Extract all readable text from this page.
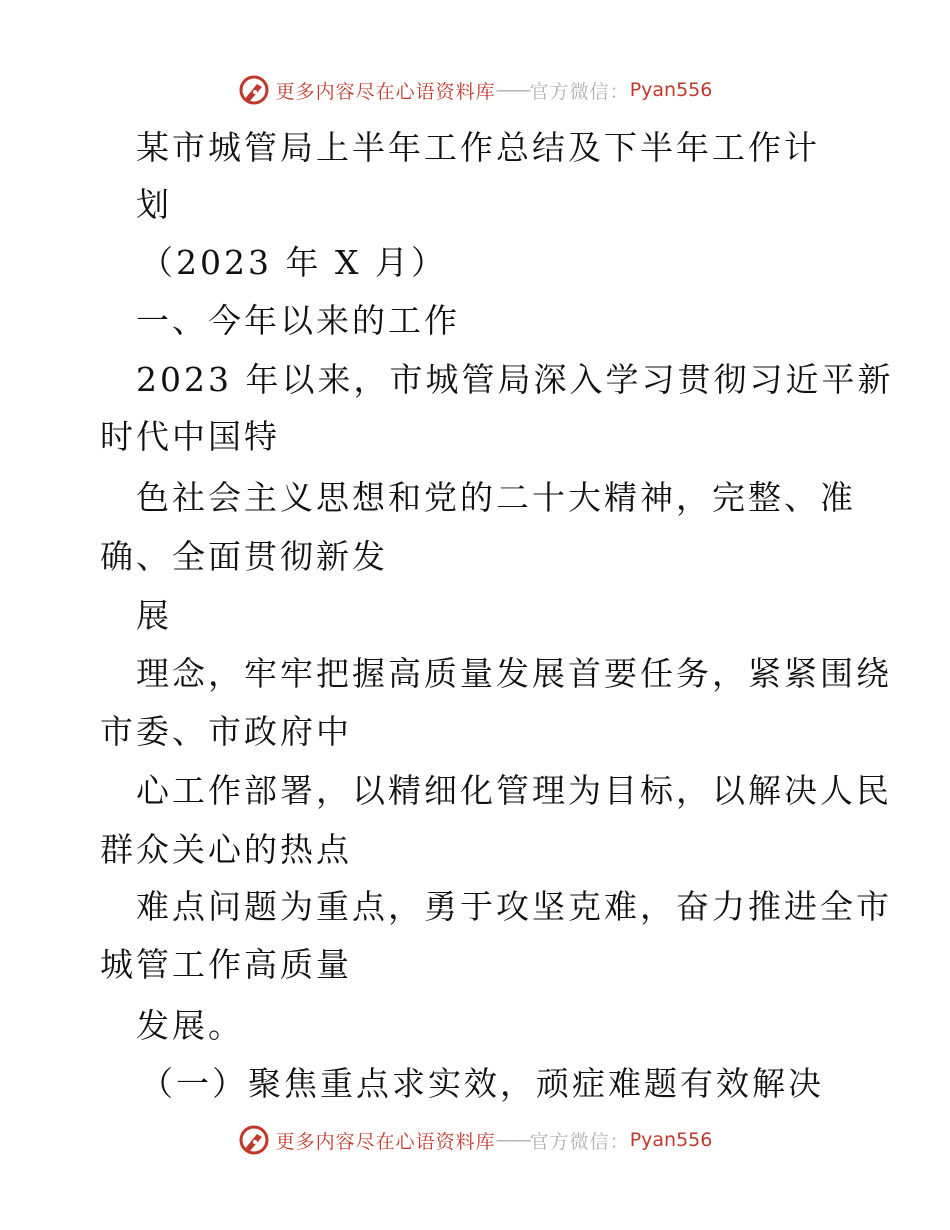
更多内容尽在心语资料库 —— 官方微信： Pyan556
某市城管局上半年工作总结及下半年工作计
划
（2023 年 X 月）
一、今年以来的工作
2023 年以来，市城管局深入学习贯彻习近平新
时代中国特
色社会主义思想和党的二十大精神，完整、准
确、全面贯彻新发
展
理念，牢牢把握高质量发展首要任务，紧紧围绕
市委、市政府中
心工作部署，以精细化管理为目标，以解决人民
群众关心的热点
难点问题为重点，勇于攻坚克难，奋力推进全市
城管工作高质量
发展。
（一）聚焦重点求实效，顽症难题有效解决
更多内容尽在心语资料库 —— 官方微信： Pyan556
